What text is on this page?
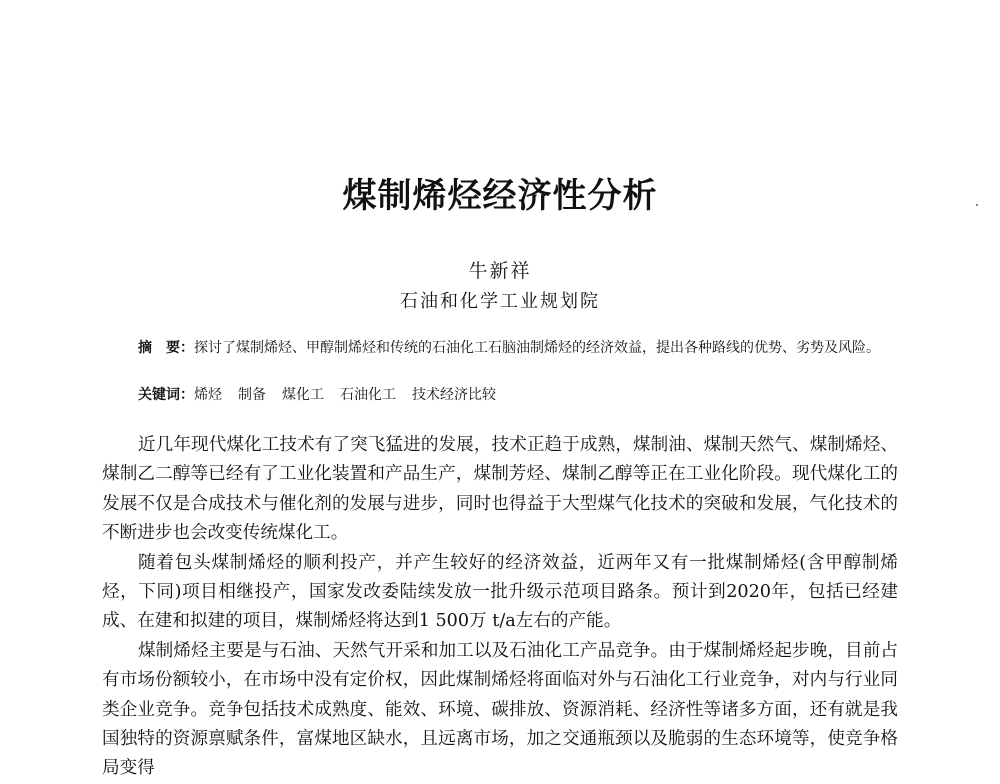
煤制烯烃经济性分析
牛新祥
石油和化学工业规划院

摘　要：探讨了煤制烯烃、甲醇制烯烃和传统的石油化工石脑油制烯烃的经济效益，提出各种路线的优势、劣势及风险。

关键词：烯烃 制备 煤化工 石油化工 技术经济比较

近几年现代煤化工技术有了突飞猛进的发展，技术正趋于成熟，煤制油、煤制天然气、煤制烯烃、煤制乙二醇等已经有了工业化装置和产品生产，煤制芳烃、煤制乙醇等正在工业化阶段。现代煤化工的发展不仅是合成技术与催化剂的发展与进步，同时也得益于大型煤气化技术的突破和发展，气化技术的不断进步也会改变传统煤化工。

随着包头煤制烯烃的顺利投产，并产生较好的经济效益，近两年又有一批煤制烯烃(含甲醇制烯烃，下同)项目相继投产，国家发改委陆续发放一批升级示范项目路条。预计到2020年，包括已经建成、在建和拟建的项目，煤制烯烃将达到1 500万 t/a左右的产能。

煤制烯烃主要是与石油、天然气开采和加工以及石油化工产品竞争。由于煤制烯烃起步晚，目前占有市场份额较小，在市场中没有定价权，因此煤制烯烃将面临对外与石油化工行业竞争，对内与行业同类企业竞争。竞争包括技术成熟度、能效、环境、碳排放、资源消耗、经济性等诸多方面，还有就是我国独特的资源禀赋条件，富煤地区缺水，且远离市场，加之交通瓶颈以及脆弱的生态环境等，使竞争格局变得
